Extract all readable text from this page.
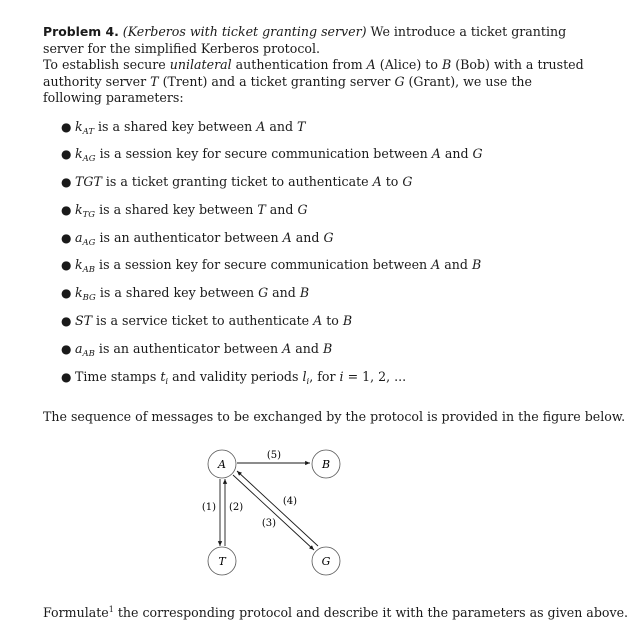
Problem 4. (Kerberos with ticket granting server) We introduce a ticket granting server for the simplified Kerberos protocol.

To establish secure unilateral authentication from A (Alice) to B (Bob) with a trusted authority server T (Trent) and a ticket granting server G (Grant), we use the following parameters:

● $k_{AT}$ is a shared key between A and T
● $k_{AG}$ is a session key for secure communication between A and G
● TGT is a ticket granting ticket to authenticate A to G
● $k_{TG}$ is a shared key between T and G
● $a_{AG}$ is an authenticator between A and G
● $k_{AB}$ is a session key for secure communication between A and B
● $k_{BG}$ is a shared key between G and B
● ST is a service ticket to authenticate A to B
● $a_{AB}$ is an authenticator between A and B
● Time stamps $t_i$ and validity periods $l_i$, for i = 1, 2, ...

The sequence of messages to be exchanged by the protocol is provided in the figure below.

A	B
T	G
(5)
(1) (2)
(3)
(4)

Formulate$^1$ the corresponding protocol and describe it with the parameters as given above.
